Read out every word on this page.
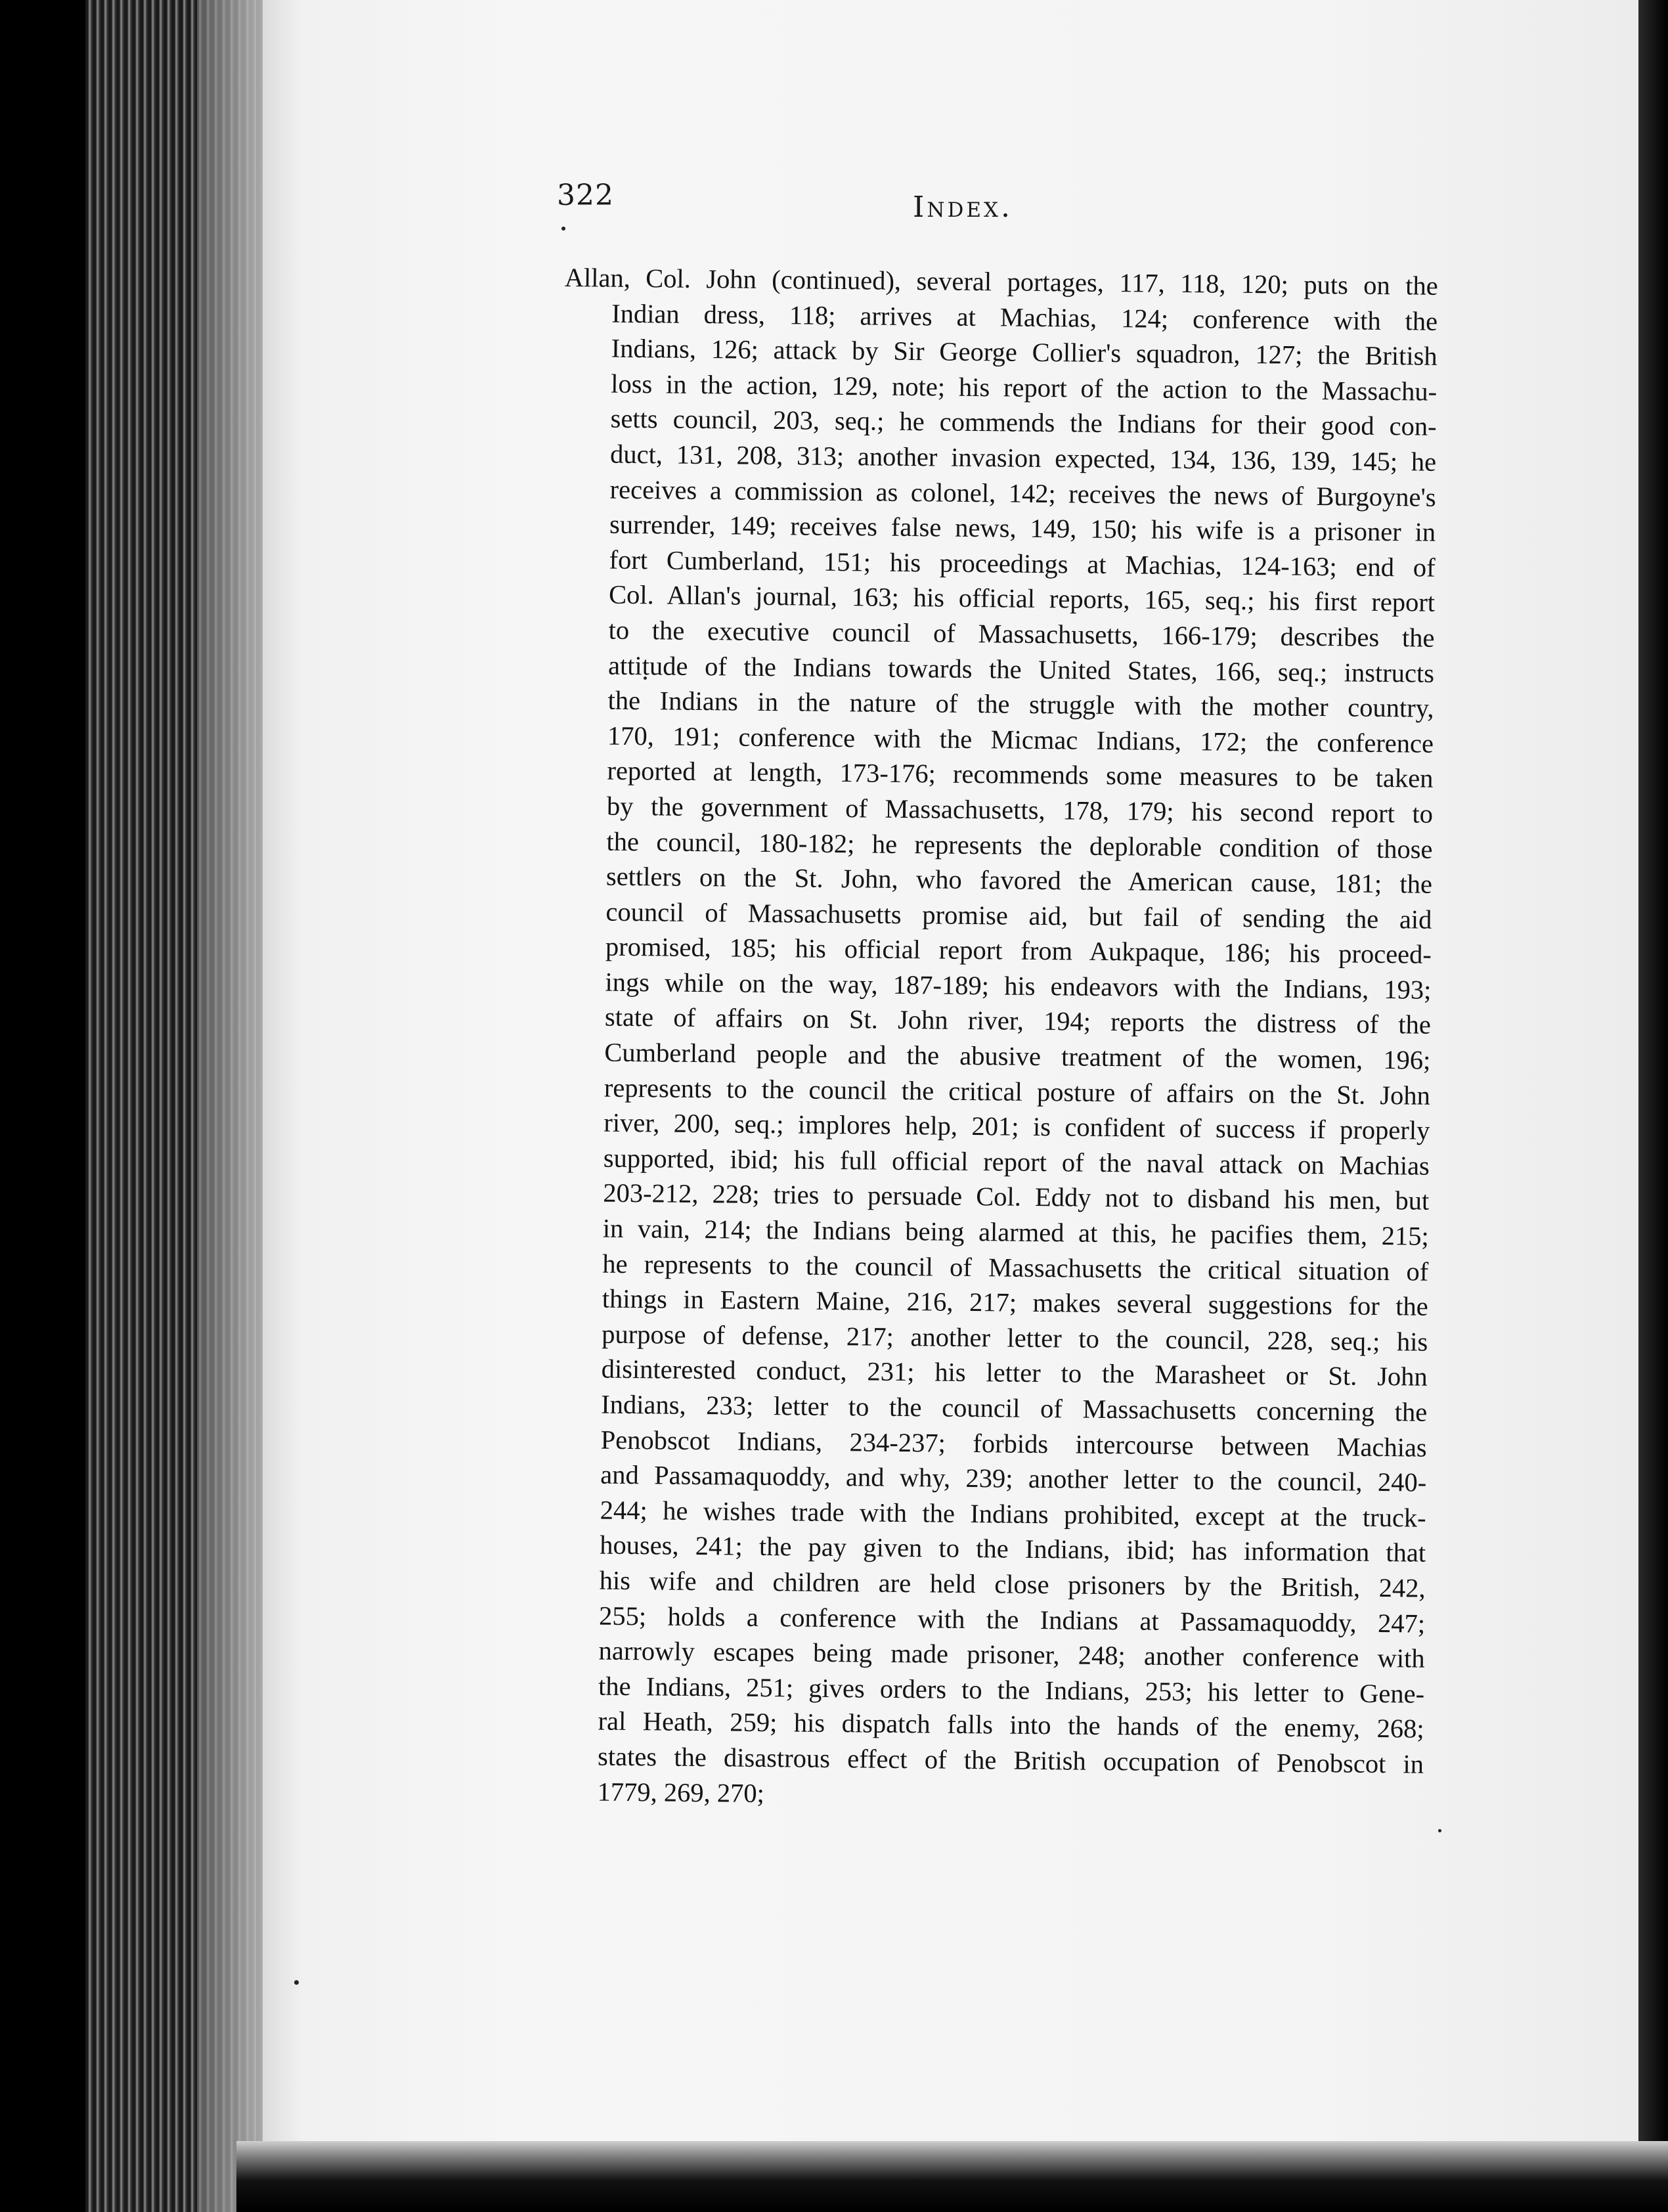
322	Index.
Allan, Col. John (continued), several portages, 117, 118, 120; puts on the
Indian dress, 118; arrives at Machias, 124; conference with the
Indians, 126; attack by Sir George Collier's squadron, 127; the British
loss in the action, 129, note; his report of the action to the Massachu-
setts council, 203, seq.; he commends the Indians for their good con-
duct, 131, 208, 313; another invasion expected, 134, 136, 139, 145; he
receives a commission as colonel, 142; receives the news of Burgoyne's
surrender, 149; receives false news, 149, 150; his wife is a prisoner in
fort Cumberland, 151; his proceedings at Machias, 124-163; end of
Col. Allan's journal, 163; his official reports, 165, seq.; his first report
to the executive council of Massachusetts, 166-179; describes the
attitude of the Indians towards the United States, 166, seq.; instructs
the Indians in the nature of the struggle with the mother country,
170, 191; conference with the Micmac Indians, 172; the conference
reported at length, 173-176; recommends some measures to be taken
by the government of Massachusetts, 178, 179; his second report to
the council, 180-182; he represents the deplorable condition of those
settlers on the St. John, who favored the American cause, 181; the
council of Massachusetts promise aid, but fail of sending the aid
promised, 185; his official report from Aukpaque, 186; his proceed-
ings while on the way, 187-189; his endeavors with the Indians, 193;
state of affairs on St. John river, 194; reports the distress of the
Cumberland people and the abusive treatment of the women, 196;
represents to the council the critical posture of affairs on the St. John
river, 200, seq.; implores help, 201; is confident of success if properly
supported, ibid; his full official report of the naval attack on Machias
203-212, 228; tries to persuade Col. Eddy not to disband his men, but
in vain, 214; the Indians being alarmed at this, he pacifies them, 215;
he represents to the council of Massachusetts the critical situation of
things in Eastern Maine, 216, 217; makes several suggestions for the
purpose of defense, 217; another letter to the council, 228, seq.; his
disinterested conduct, 231; his letter to the Marasheet or St. John
Indians, 233; letter to the council of Massachusetts concerning the
Penobscot Indians, 234-237; forbids intercourse between Machias
and Passamaquoddy, and why, 239; another letter to the council, 240-
244; he wishes trade with the Indians prohibited, except at the truck-
houses, 241; the pay given to the Indians, ibid; has information that
his wife and children are held close prisoners by the British, 242,
255; holds a conference with the Indians at Passamaquoddy, 247;
narrowly escapes being made prisoner, 248; another conference with
the Indians, 251; gives orders to the Indians, 253; his letter to Gene-
ral Heath, 259; his dispatch falls into the hands of the enemy, 268;
states the disastrous effect of the British occupation of Penobscot in
1779, 269, 270;
